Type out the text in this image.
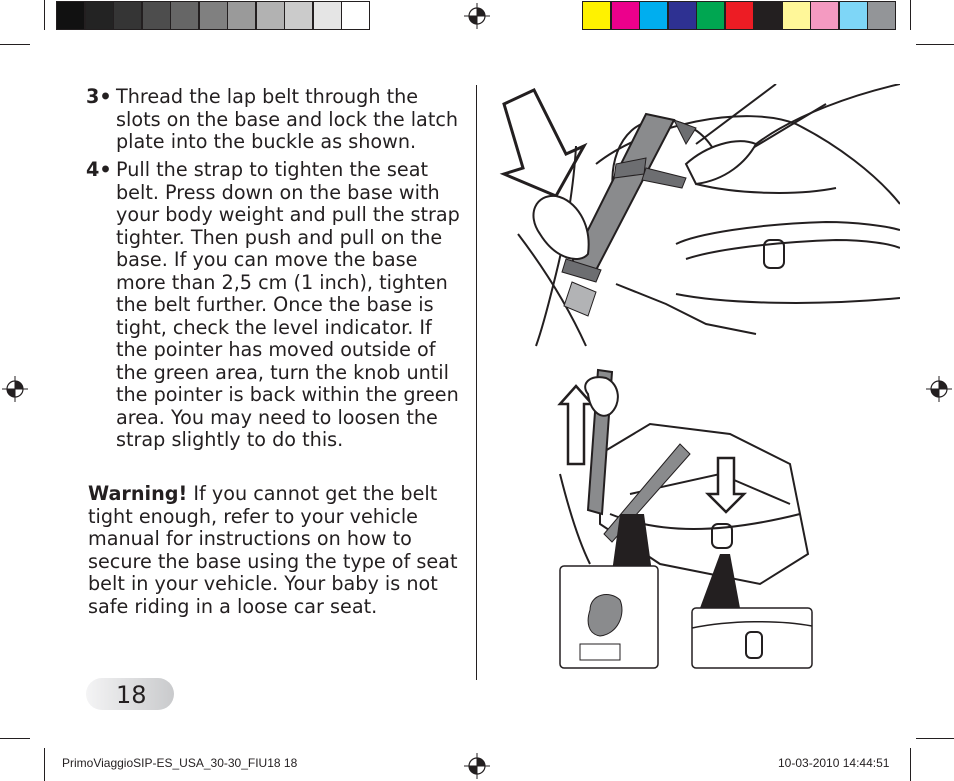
3• Thread the lap belt through the slots on the base and lock the latch plate into the buckle as shown.
4• Pull the strap to tighten the seat belt. Press down on the base with your body weight and pull the strap tighter. Then push and pull on the base. If you can move the base more than 2,5 cm (1 inch), tighten the belt further. Once the base is tight, check the level indicator. If the pointer has moved outside of the green area, turn the knob until the pointer is back within the green area. You may need to loosen the strap slightly to do this.
Warning! If you cannot get the belt tight enough, refer to your vehicle manual for instructions on how to secure the base using the type of seat belt in your vehicle. Your baby is not safe riding in a loose car seat.
18
PrimoViaggioSIP-ES_USA_30-30_FIU18 18	10-03-2010 14:44:51
